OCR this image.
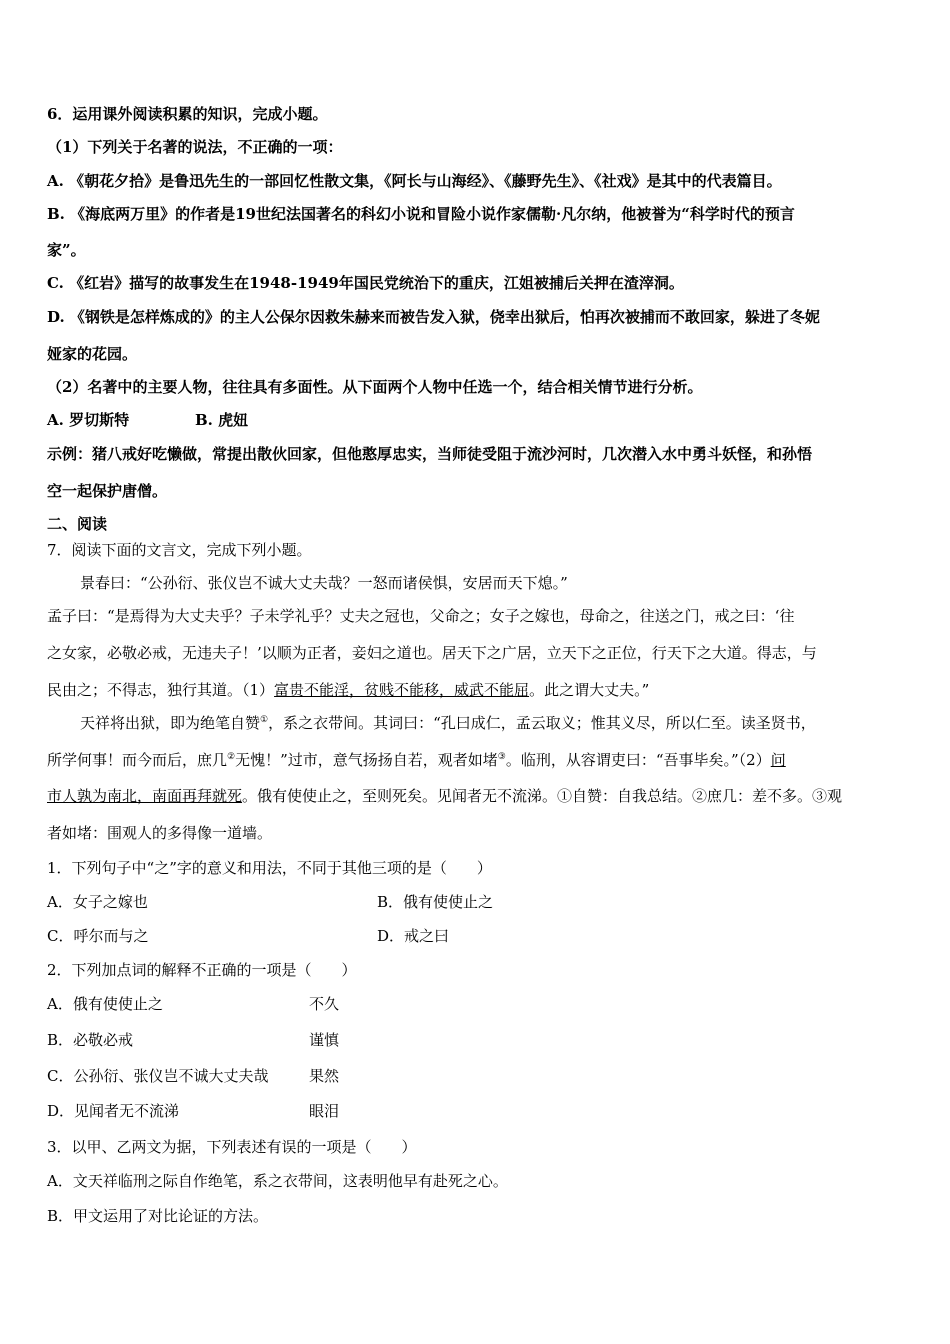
6．运用课外阅读积累的知识，完成小题。
（1）下列关于名著的说法，不正确的一项：
A. 《朝花夕拾》是鲁迅先生的一部回忆性散文集，《阿长与山海经》、《藤野先生》、《社戏》是其中的代表篇目。
B. 《海底两万里》的作者是19世纪法国著名的科幻小说和冒险小说作家儒勒·凡尔纳，他被誉为“科学时代的预言
家”。
C. 《红岩》描写的故事发生在1948-1949年国民党统治下的重庆，江姐被捕后关押在渣滓洞。
D. 《钢铁是怎样炼成的》的主人公保尔因救朱赫来而被告发入狱，侥幸出狱后，怕再次被捕而不敢回家，躲进了冬妮
娅家的花园。
（2）名著中的主要人物，往往具有多面性。从下面两个人物中任选一个，结合相关情节进行分析。
A. 罗切斯特	B. 虎妞
示例：猪八戒好吃懒做，常提出散伙回家，但他憨厚忠实，当师徒受阻于流沙河时，几次潜入水中勇斗妖怪，和孙悟
空一起保护唐僧。
二、阅读
7．阅读下面的文言文，完成下列小题。
景春曰：“公孙衍、张仪岂不诚大丈夫哉？一怒而诸侯惧，安居而天下熄。”
孟子曰：“是焉得为大丈夫乎？子未学礼乎？丈夫之冠也，父命之；女子之嫁也，母命之，往送之门，戒之曰：‘往
之女家，必敬必戒，无违夫子！’以顺为正者，妾妇之道也。居天下之广居，立天下之正位，行天下之大道。得志，与
民由之；不得志，独行其道。（1）富贵不能淫，贫贱不能移，威武不能屈。此之谓大丈夫。”
天祥将出狱，即为绝笔自赞①，系之衣带间。其词曰：“孔曰成仁，孟云取义；惟其义尽，所以仁至。读圣贤书，
所学何事！而今而后，庶几②无愧！”过市，意气扬扬自若，观者如堵③。临刑，从容谓吏曰：“吾事毕矣。”（2）问
市人孰为南北，南面再拜就死。俄有使使止之，至则死矣。见闻者无不流涕。①自赞：自我总结。②庶几：差不多。③观
者如堵：围观人的多得像一道墙。
1．下列句子中“之”字的意义和用法，不同于其他三项的是（　　）
A．女子之嫁也	B．俄有使使止之
C．呼尔而与之	D．戒之曰
2．下列加点词的解释不正确的一项是（　　）
A．俄有使使止之	不久
B．必敬必戒	谨慎
C．公孙衍、张仪岂不诚大丈夫哉	果然
D．见闻者无不流涕	眼泪
3．以甲、乙两文为据，下列表述有误的一项是（　　）
A．文天祥临刑之际自作绝笔，系之衣带间，这表明他早有赴死之心。
B．甲文运用了对比论证的方法。
